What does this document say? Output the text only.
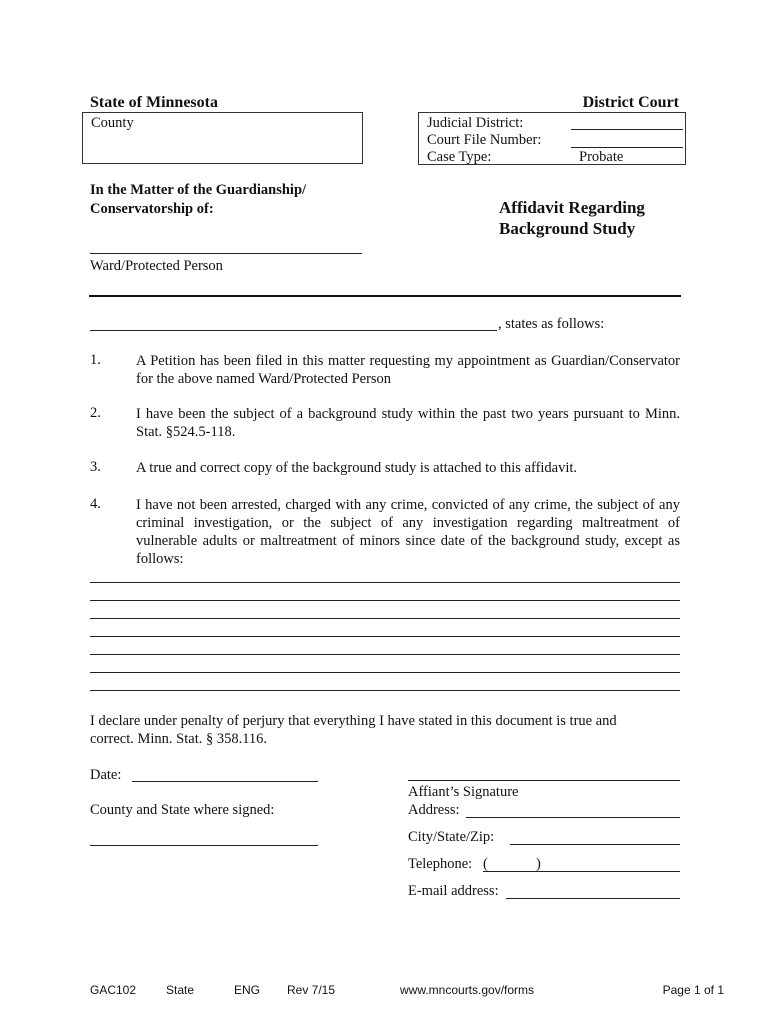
State of Minnesota	District Court
County	Judicial District:
Court File Number:
Case Type:	Probate
In the Matter of the Guardianship/
Conservatorship of:
Ward/Protected Person
Affidavit Regarding
Background Study
, states as follows:
1. A Petition has been filed in this matter requesting my appointment as Guardian/Conservator for the above named Ward/Protected Person
2. I have been the subject of a background study within the past two years pursuant to Minn. Stat. §524.5-118.
3. A true and correct copy of the background study is attached to this affidavit.
4. I have not been arrested, charged with any crime, convicted of any crime, the subject of any criminal investigation, or the subject of any investigation regarding maltreatment of vulnerable adults or maltreatment of minors since date of the background study, except as follows:
I declare under penalty of perjury that everything I have stated in this document is true and correct. Minn. Stat. § 358.116.
Date:
County and State where signed:
Affiant’s Signature
Address:
City/State/Zip:
Telephone: (	)
E-mail address:
GAC102 State	ENG Rev 7/15	www.mncourts.gov/forms	Page 1 of 1
